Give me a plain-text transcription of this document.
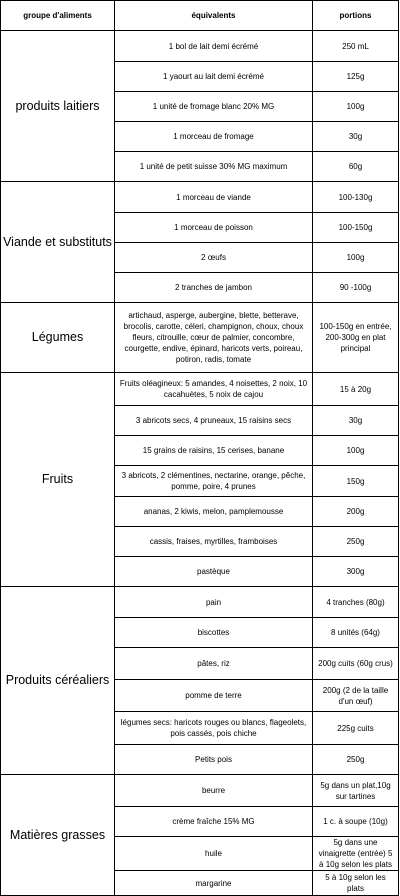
groupe d'aliments	équivalents	portions
produits laitiers	1 bol de lait demi écrémé	250 mL
	1 yaourt au lait demi écrémé	125g
	1 unité de fromage blanc 20% MG	100g
	1 morceau de fromage	30g
	1 unité de petit suisse 30% MG maximum	60g
Viande et substituts	1 morceau de viande	100-130g
	1 morceau de poisson	100-150g
	2 œufs	100g
	2 tranches de jambon	90 -100g
Légumes	artichaud, asperge, aubergine, blette, betterave, brocolis, carotte, céleri, champignon, choux, choux fleurs, citrouille, cœur de palmier, concombre, courgette, endive, épinard, haricots verts, poireau, potiron, radis, tomate	100-150g en entrée, 200-300g en plat principal
Fruits	Fruits oléagineux: 5 amandes, 4 noisettes, 2 noix, 10 cacahuètes, 5 noix de cajou	15 à 20g
	3 abricots secs, 4 pruneaux, 15 raisins secs	30g
	15 grains de raisins, 15 cerises, banane	100g
	3 abricots, 2 clémentines, nectarine, orange, pêche, pomme, poire, 4 prunes	150g
	ananas, 2 kiwis, melon, pamplemousse	200g
	cassis, fraises, myrtilles, framboises	250g
	pastèque	300g
Produits céréaliers	pain	4 tranches (80g)
	biscottes	8 unités (64g)
	pâtes, riz	200g cuits (60g crus)
	pomme de terre	200g (2 de la taille d'un œuf)
	légumes secs: haricots rouges ou blancs, flageolets, pois cassés, pois chiche	225g cuits
	Petits pois	250g
Matières grasses	beurre	5g dans un plat,10g sur tartines
	crème fraîche 15% MG	1 c. à soupe (10g)
	huile	5g dans une vinaigrette (entrée) 5 à 10g selon les plats
	margarine	5 à 10g selon les plats
